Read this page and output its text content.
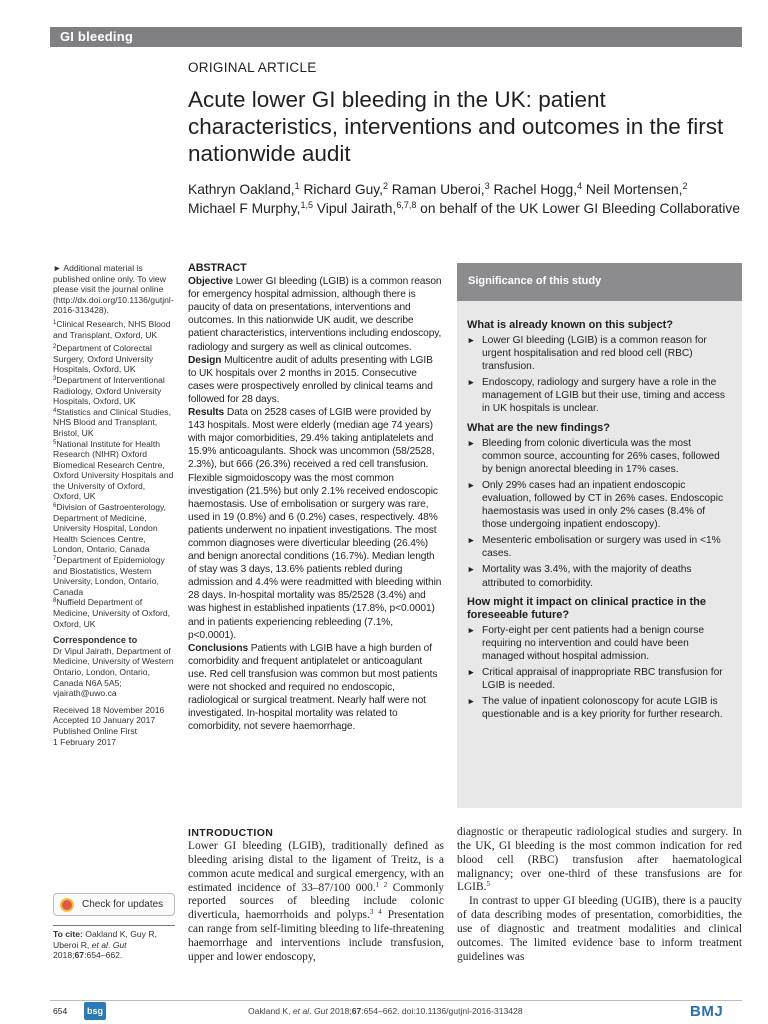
GI bleeding
ORIGINAL ARTICLE
Acute lower GI bleeding in the UK: patient characteristics, interventions and outcomes in the first nationwide audit
Kathryn Oakland,$^1$ Richard Guy,$^2$ Raman Uberoi,$^3$ Rachel Hogg,$^4$ Neil Mortensen,$^2$
Michael F Murphy,$^{1,5}$ Vipul Jairath,$^{6,7,8}$ on behalf of the UK Lower GI Bleeding Collaborative
► Additional material is published online only. To view please visit the journal online (http://dx.doi.org/10.1136/gutjnl-2016-313428).
$^1$Clinical Research, NHS Blood and Transplant, Oxford, UK
$^2$Department of Colorectal Surgery, Oxford University Hospitals, Oxford, UK
$^3$Department of Interventional Radiology, Oxford University Hospitals, Oxford, UK
$^4$Statistics and Clinical Studies, NHS Blood and Transplant, Bristol, UK
$^5$National Institute for Health Research (NIHR) Oxford Biomedical Research Centre, Oxford University Hospitals and the University of Oxford, Oxford, UK
$^6$Division of Gastroenterology, Department of Medicine, University Hospital, London Health Sciences Centre, London, Ontario, Canada
$^7$Department of Epidemiology and Biostatistics, Western University, London, Ontario, Canada
$^8$Nuffield Department of Medicine, University of Oxford, Oxford, UK
Correspondence to
Dr Vipul Jairath, Department of Medicine, University of Western Ontario, London, Ontario, Canada N6A 5A5; vjairath@uwo.ca
Received 18 November 2016
Accepted 10 January 2017
Published Online First
1 February 2017
ABSTRACT
Objective Lower GI bleeding (LGIB) is a common reason for emergency hospital admission, although there is paucity of data on presentations, interventions and outcomes. In this nationwide UK audit, we describe patient characteristics, interventions including endoscopy, radiology and surgery as well as clinical outcomes.
Design Multicentre audit of adults presenting with LGIB to UK hospitals over 2 months in 2015. Consecutive cases were prospectively enrolled by clinical teams and followed for 28 days.
Results Data on 2528 cases of LGIB were provided by 143 hospitals. Most were elderly (median age 74 years) with major comorbidities, 29.4% taking antiplatelets and 15.9% anticoagulants. Shock was uncommon (58/2528, 2.3%), but 666 (26.3%) received a red cell transfusion. Flexible sigmoidoscopy was the most common investigation (21.5%) but only 2.1% received endoscopic haemostasis. Use of embolisation or surgery was rare, used in 19 (0.8%) and 6 (0.2%) cases, respectively. 48% patients underwent no inpatient investigations. The most common diagnoses were diverticular bleeding (26.4%) and benign anorectal conditions (16.7%). Median length of stay was 3 days, 13.6% patients rebled during admission and 4.4% were readmitted with bleeding within 28 days. In-hospital mortality was 85/2528 (3.4%) and was highest in established inpatients (17.8%, p<0.0001) and in patients experiencing rebleeding (7.1%, p<0.0001).
Conclusions Patients with LGIB have a high burden of comorbidity and frequent antiplatelet or anticoagulant use. Red cell transfusion was common but most patients were not shocked and required no endoscopic, radiological or surgical treatment. Nearly half were not investigated. In-hospital mortality was related to comorbidity, not severe haemorrhage.
Significance of this study
What is already known on this subject?
► Lower GI bleeding (LGIB) is a common reason for urgent hospitalisation and red blood cell (RBC) transfusion.
► Endoscopy, radiology and surgery have a role in the management of LGIB but their use, timing and access in UK hospitals is unclear.
What are the new findings?
► Bleeding from colonic diverticula was the most common source, accounting for 26% cases, followed by benign anorectal bleeding in 17% cases.
► Only 29% cases had an inpatient endoscopic evaluation, followed by CT in 26% cases. Endoscopic haemostasis was used in only 2% cases (8.4% of those undergoing inpatient endoscopy).
► Mesenteric embolisation or surgery was used in <1% cases.
► Mortality was 3.4%, with the majority of deaths attributed to comorbidity.
How might it impact on clinical practice in the foreseeable future?
► Forty-eight per cent patients had a benign course requiring no intervention and could have been managed without hospital admission.
► Critical appraisal of inappropriate RBC transfusion for LGIB is needed.
► The value of inpatient colonoscopy for acute LGIB is questionable and is a key priority for further research.
INTRODUCTION
Lower GI bleeding (LGIB), traditionally defined as bleeding arising distal to the ligament of Treitz, is a common acute medical and surgical emergency, with an estimated incidence of 33–87/100 000.$^{1 2}$ Commonly reported sources of bleeding include colonic diverticula, haemorrhoids and polyps.$^{3 4}$ Presentation can range from self-limiting bleeding to life-threatening haemorrhage and interventions include transfusion, upper and lower endoscopy,
diagnostic or therapeutic radiological studies and surgery. In the UK, GI bleeding is the most common indication for red blood cell (RBC) transfusion after haematological malignancy; over one-third of these transfusions are for LGIB.$^5$
In contrast to upper GI bleeding (UGIB), there is a paucity of data describing modes of presentation, comorbidities, the use of diagnostic and treatment modalities and clinical outcomes. The limited evidence base to inform treatment guidelines was
Check for updates
To cite: Oakland K, Guy R, Uberoi R, et al. Gut 2018;67:654–662.
654	bsg	Oakland K, et al. Gut 2018;67:654–662. doi:10.1136/gutjnl-2016-313428	BMJ
